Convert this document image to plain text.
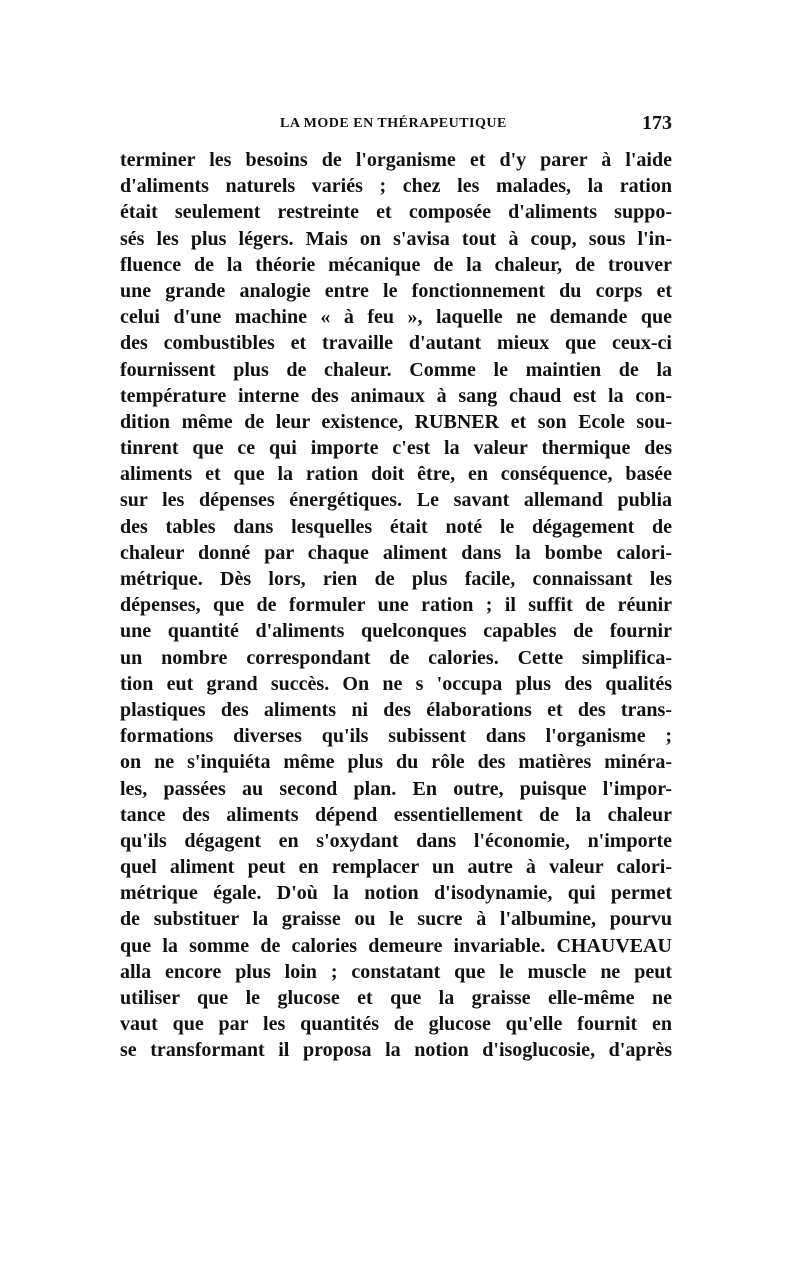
LA MODE EN THÉRAPEUTIQUE	173
terminer les besoins de l'organisme et d'y parer à l'aide
d'aliments naturels variés ; chez les malades, la ration
était seulement restreinte et composée d'aliments suppo-
sés les plus légers. Mais on s'avisa tout à coup, sous l'in-
fluence de la théorie mécanique de la chaleur, de trouver
une grande analogie entre le fonctionnement du corps et
celui d'une machine « à feu », laquelle ne demande que
des combustibles et travaille d'autant mieux que ceux-ci
fournissent plus de chaleur. Comme le maintien de la
température interne des animaux à sang chaud est la con-
dition même de leur existence, RUBNER et son Ecole sou-
tinrent que ce qui importe c'est la valeur thermique des
aliments et que la ration doit être, en conséquence, basée
sur les dépenses énergétiques. Le savant allemand publia
des tables dans lesquelles était noté le dégagement de
chaleur donné par chaque aliment dans la bombe calori-
métrique. Dès lors, rien de plus facile, connaissant les
dépenses, que de formuler une ration ; il suffit de réunir
une quantité d'aliments quelconques capables de fournir
un nombre correspondant de calories. Cette simplifica-
tion eut grand succès. On ne s 'occupa plus des qualités
plastiques des aliments ni des élaborations et des trans-
formations diverses qu'ils subissent dans l'organisme ;
on ne s'inquiéta même plus du rôle des matières minéra-
les, passées au second plan. En outre, puisque l'impor-
tance des aliments dépend essentiellement de la chaleur
qu'ils dégagent en s'oxydant dans l'économie, n'importe
quel aliment peut en remplacer un autre à valeur calori-
métrique égale. D'où la notion d'isodynamie, qui permet
de substituer la graisse ou le sucre à l'albumine, pourvu
que la somme de calories demeure invariable. CHAUVEAU
alla encore plus loin ; constatant que le muscle ne peut
utiliser que le glucose et que la graisse elle-même ne
vaut que par les quantités de glucose qu'elle fournit en
se transformant il proposa la notion d'isoglucosie, d'après
